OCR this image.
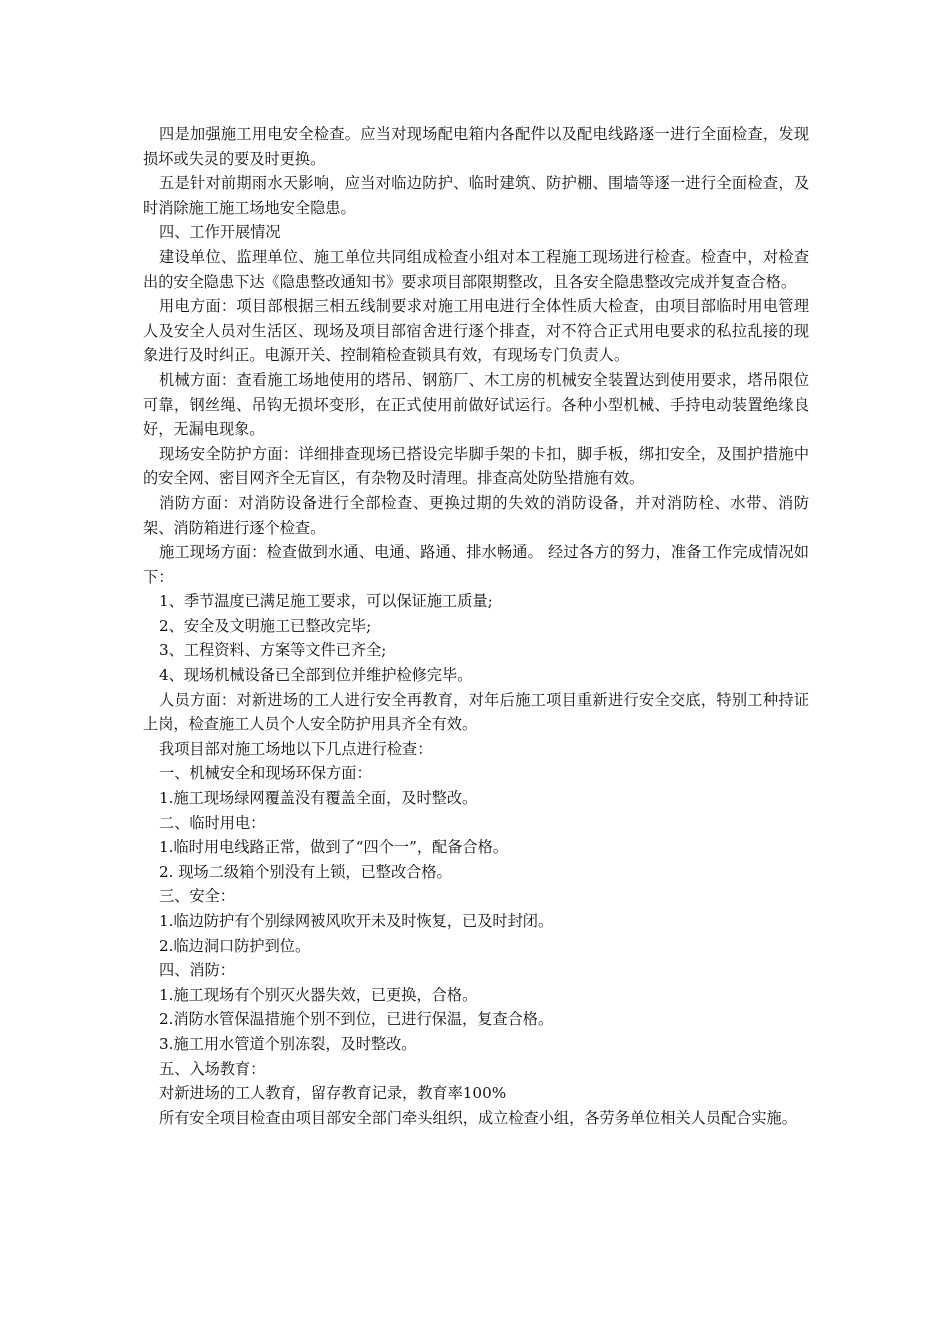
四是加强施工用电安全检查。应当对现场配电箱内各配件以及配电线路逐一进行全面检查，发现损坏或失灵的要及时更换。

五是针对前期雨水天影响，应当对临边防护、临时建筑、防护棚、围墙等逐一进行全面检查，及时消除施工施工场地安全隐患。

四、工作开展情况

建设单位、监理单位、施工单位共同组成检查小组对本工程施工现场进行检查。检查中，对检查出的安全隐患下达《隐患整改通知书》要求项目部限期整改，且各安全隐患整改完成并复查合格。

用电方面：项目部根据三相五线制要求对施工用电进行全体性质大检查，由项目部临时用电管理人及安全人员对生活区、现场及项目部宿舍进行逐个排查，对不符合正式用电要求的私拉乱接的现象进行及时纠正。电源开关、控制箱检查锁具有效，有现场专门负责人。

机械方面：查看施工场地使用的塔吊、钢筋厂、木工房的机械安全装置达到使用要求，塔吊限位可靠，钢丝绳、吊钩无损坏变形，在正式使用前做好试运行。各种小型机械、手持电动装置绝缘良好，无漏电现象。

现场安全防护方面：详细排查现场已搭设完毕脚手架的卡扣，脚手板，绑扣安全，及围护措施中的安全网、密目网齐全无盲区，有杂物及时清理。排查高处防坠措施有效。

消防方面：对消防设备进行全部检查、更换过期的失效的消防设备，并对消防栓、水带、消防架、消防箱进行逐个检查。

施工现场方面：检查做到水通、电通、路通、排水畅通。 经过各方的努力，准备工作完成情况如下：

1、季节温度已满足施工要求，可以保证施工质量;

2、安全及文明施工已整改完毕;

3、工程资料、方案等文件已齐全;

4、现场机械设备已全部到位并维护检修完毕。

人员方面：对新进场的工人进行安全再教育，对年后施工项目重新进行安全交底，特别工种持证上岗，检查施工人员个人安全防护用具齐全有效。

我项目部对施工场地以下几点进行检查：

一、机械安全和现场环保方面：

1.施工现场绿网覆盖没有覆盖全面，及时整改。

二、临时用电：

1.临时用电线路正常，做到了“四个一”，配备合格。

2. 现场二级箱个别没有上锁，已整改合格。

三、安全：

1.临边防护有个别绿网被风吹开未及时恢复，已及时封闭。

2.临边洞口防护到位。

四、消防：

1.施工现场有个别灭火器失效，已更换，合格。

2.消防水管保温措施个别不到位，已进行保温，复查合格。

3.施工用水管道个别冻裂，及时整改。

五、入场教育：

对新进场的工人教育，留存教育记录，教育率100%

所有安全项目检查由项目部安全部门牵头组织，成立检查小组，各劳务单位相关人员配合实施。
